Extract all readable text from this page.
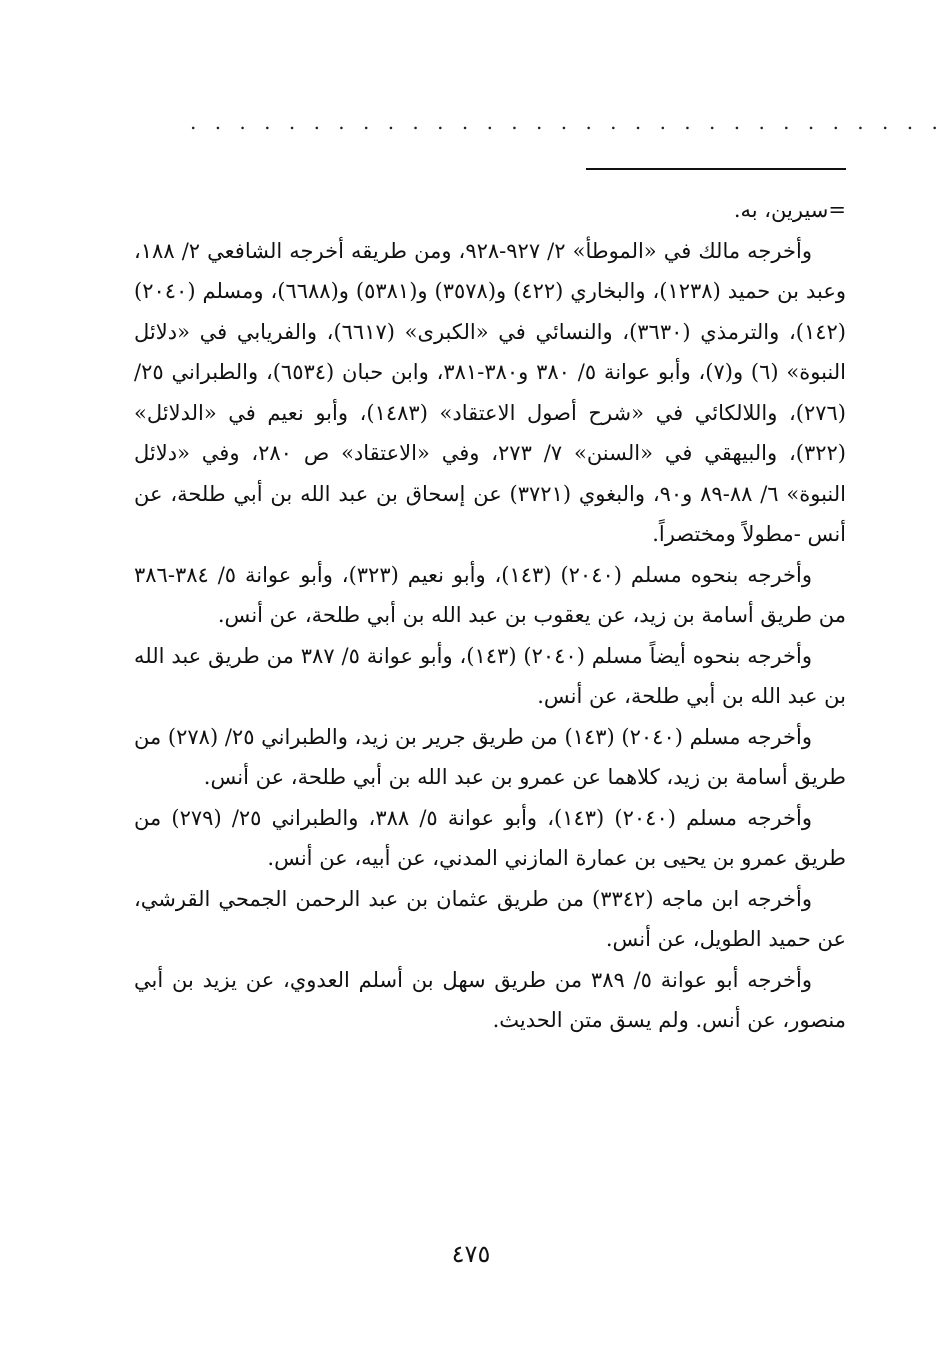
. . . . . . . . . . . . . . . . . . . . . . . . . . . . . . .

=سيرين، به.

وأخرجه مالك في «الموطأ» ٢/ ٩٢٧-٩٢٨، ومن طريقه أخرجه الشافعي ٢/ ١٨٨، وعبد بن حميد (١٢٣٨)، والبخاري (٤٢٢) و(٣٥٧٨) و(٥٣٨١) و(٦٦٨٨)، ومسلم (٢٠٤٠) (١٤٢)، والترمذي (٣٦٣٠)، والنسائي في «الكبرى» (٦٦١٧)، والفريابي في «دلائل النبوة» (٦) و(٧)، وأبو عوانة ٥/ ٣٨٠ و٣٨٠-٣٨١، وابن حبان (٦٥٣٤)، والطبراني ٢٥/ (٢٧٦)، واللالكائي في «شرح أصول الاعتقاد» (١٤٨٣)، وأبو نعيم في «الدلائل» (٣٢٢)، والبيهقي في «السنن» ٧/ ٢٧٣، وفي «الاعتقاد» ص ٢٨٠، وفي «دلائل النبوة» ٦/ ٨٨-٨٩ و٩٠، والبغوي (٣٧٢١) عن إسحاق بن عبد الله بن أبي طلحة، عن أنس -مطولاً ومختصراً.

وأخرجه بنحوه مسلم (٢٠٤٠) (١٤٣)، وأبو نعيم (٣٢٣)، وأبو عوانة ٥/ ٣٨٤-٣٨٦ من طريق أسامة بن زيد، عن يعقوب بن عبد الله بن أبي طلحة، عن أنس.

وأخرجه بنحوه أيضاً مسلم (٢٠٤٠) (١٤٣)، وأبو عوانة ٥/ ٣٨٧ من طريق عبد الله بن عبد الله بن أبي طلحة، عن أنس.

وأخرجه مسلم (٢٠٤٠) (١٤٣) من طريق جرير بن زيد، والطبراني ٢٥/ (٢٧٨) من طريق أسامة بن زيد، كلاهما عن عمرو بن عبد الله بن أبي طلحة، عن أنس.

وأخرجه مسلم (٢٠٤٠) (١٤٣)، وأبو عوانة ٥/ ٣٨٨، والطبراني ٢٥/ (٢٧٩) من طريق عمرو بن يحيى بن عمارة المازني المدني، عن أبيه، عن أنس.

وأخرجه ابن ماجه (٣٣٤٢) من طريق عثمان بن عبد الرحمن الجمحي القرشي، عن حميد الطويل، عن أنس.

وأخرجه أبو عوانة ٥/ ٣٨٩ من طريق سهل بن أسلم العدوي، عن يزيد بن أبي منصور، عن أنس. ولم يسق متن الحديث.

٤٧٥
